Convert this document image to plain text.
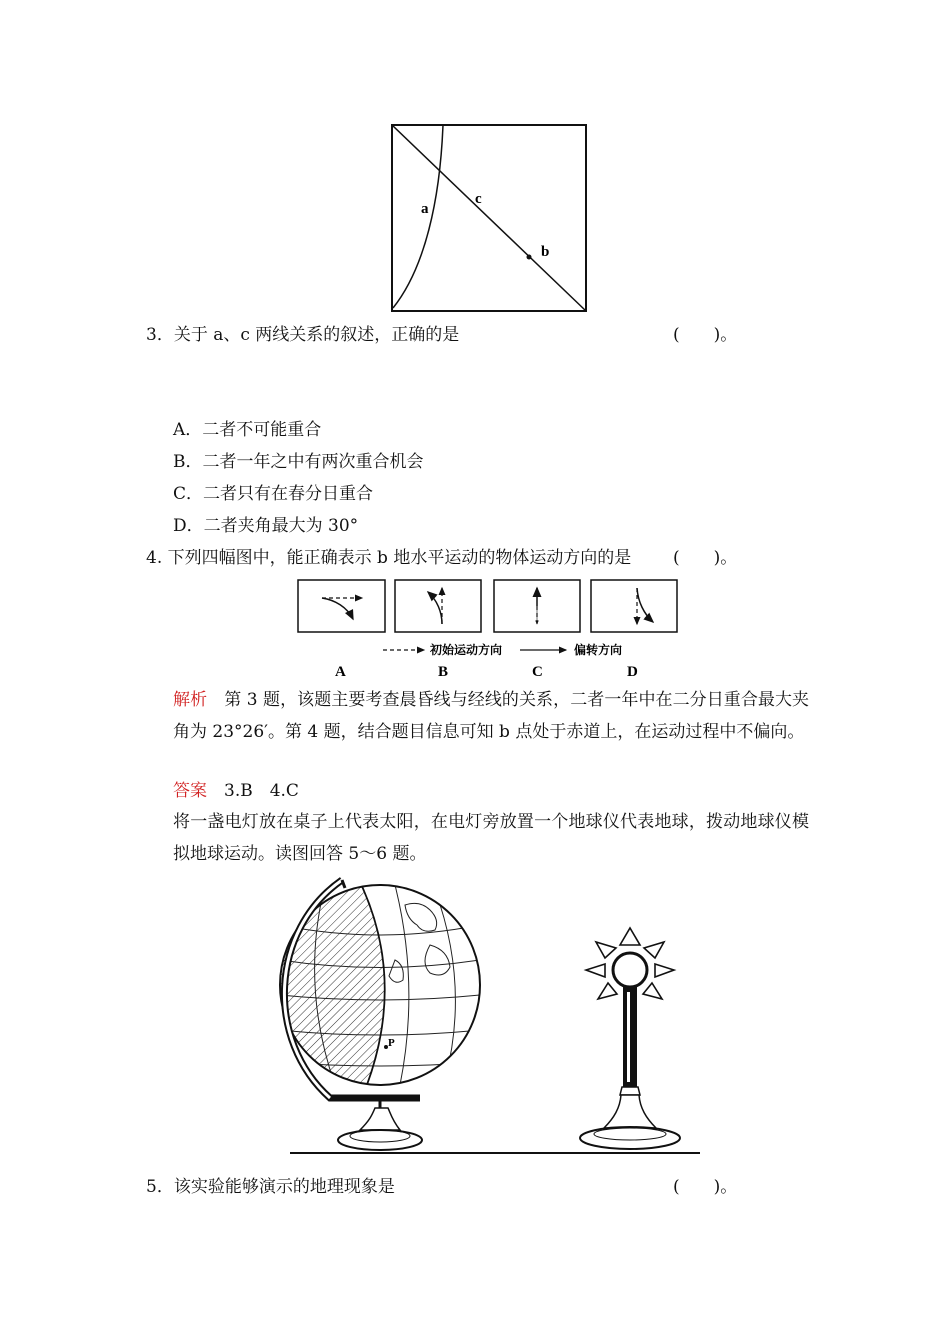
a
c
b
3．关于 a、c 两线关系的叙述，正确的是	(　　)。
A．二者不可能重合
B．二者一年之中有两次重合机会
C．二者只有在春分日重合
D．二者夹角最大为 30°
4. 下列四幅图中，能正确表示 b 地水平运动的物体运动方向的是 (　　)。
初始运动方向	偏转方向
A	B	C	D
解析　 第 3 题，该题主要考查晨昏线与经线的关系，二者一年中在二分日重合最大夹角为 23°26′。第 4 题，结合题目信息可知 b 点处于赤道上，在运动过程中不偏向。
答案　 3.B　4.C
将一盏电灯放在桌子上代表太阳，在电灯旁放置一个地球仪代表地球，拨动地球仪模拟地球运动。读图回答 5～6 题。
P
5．该实验能够演示的地理现象是	(　　)。
